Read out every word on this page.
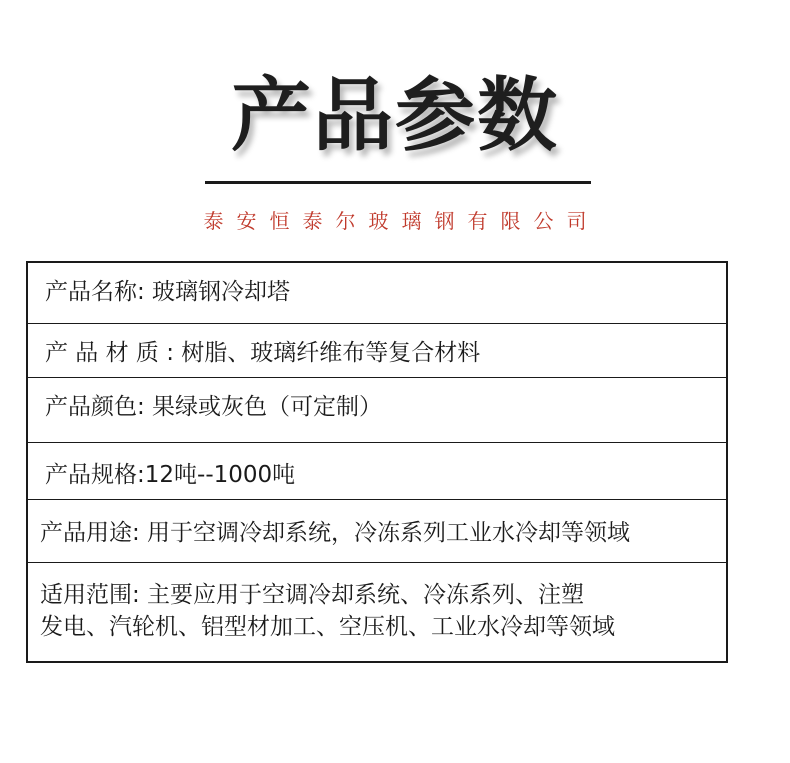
产品参数
泰安恒泰尔玻璃钢有限公司
产品名称: 玻璃钢冷却塔
产 品 材 质 : 树脂、玻璃纤维布等复合材料
产品颜色: 果绿或灰色（可定制）
产品规格:12吨--1000吨
产品用途: 用于空调冷却系统，冷冻系列工业水冷却等领域
适用范围: 主要应用于空调冷却系统、冷冻系列、注塑
发电、汽轮机、铝型材加工、空压机、工业水冷却等领域
